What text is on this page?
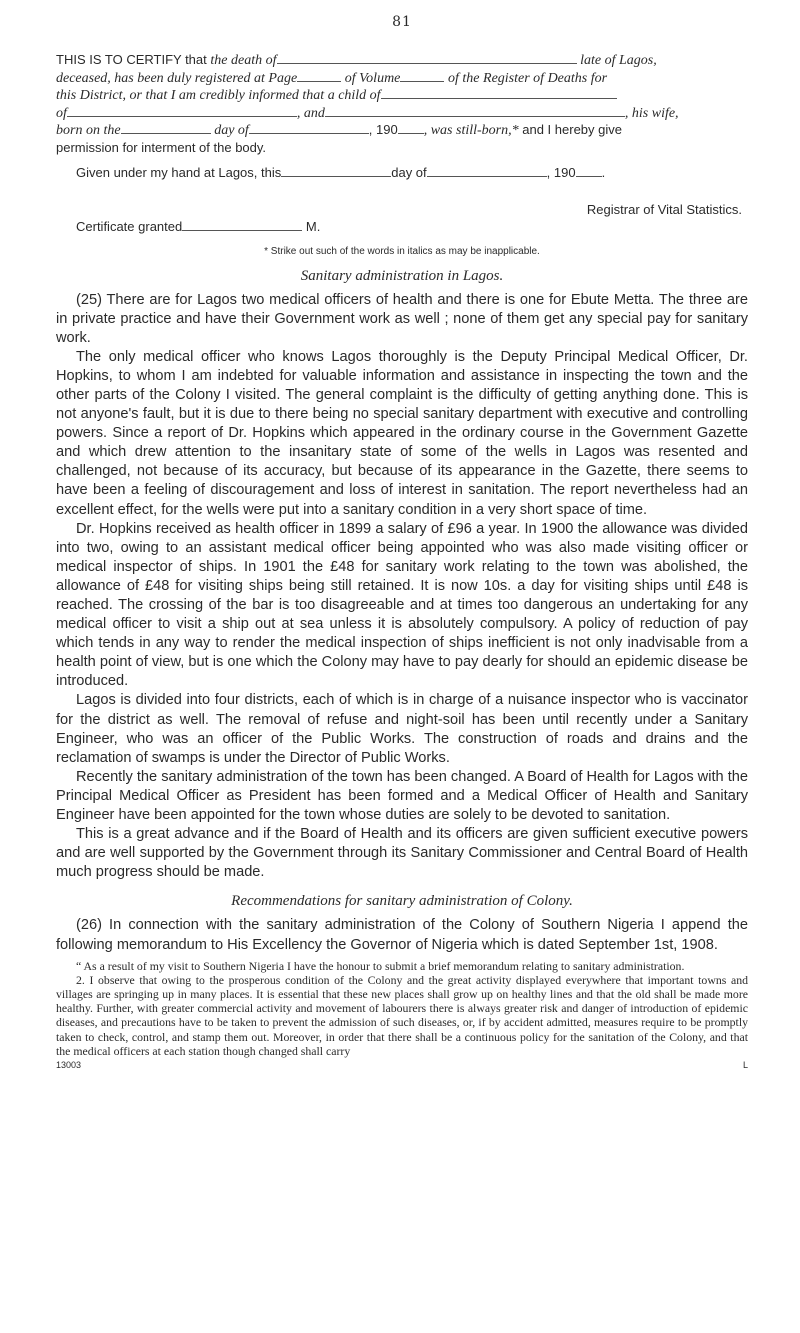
81
THIS IS TO CERTIFY that the death of	late of Lagos,
deceased, has been duly registered at Page	of Volume	of the Register of Deaths for
this District, or that I am credibly informed that a child of
of	, and	, his wife,
born on the	day of	, 190 , was still-born,* and I hereby give
permission for interment of the body.
Given under my hand at Lagos, this	day of	, 190 .
Registrar of Vital Statistics.
Certificate granted	M.
* Strike out such of the words in italics as may be inapplicable.
Sanitary administration in Lagos.

(25) There are for Lagos two medical officers of health and there is one for Ebute Metta. The three are in private practice and have their Government work as well ; none of them get any special pay for sanitary work.

The only medical officer who knows Lagos thoroughly is the Deputy Principal Medical Officer, Dr. Hopkins, to whom I am indebted for valuable information and assistance in inspecting the town and the other parts of the Colony I visited. The general complaint is the difficulty of getting anything done. This is not anyone's fault, but it is due to there being no special sanitary department with executive and controlling powers. Since a report of Dr. Hopkins which appeared in the ordinary course in the Government Gazette and which drew attention to the insanitary state of some of the wells in Lagos was resented and challenged, not because of its accuracy, but because of its appearance in the Gazette, there seems to have been a feeling of discouragement and loss of interest in sanitation. The report nevertheless had an excellent effect, for the wells were put into a sanitary condition in a very short space of time.

Dr. Hopkins received as health officer in 1899 a salary of £96 a year. In 1900 the allowance was divided into two, owing to an assistant medical officer being appointed who was also made visiting officer or medical inspector of ships. In 1901 the £48 for sanitary work relating to the town was abolished, the allowance of £48 for visiting ships being still retained. It is now 10s. a day for visiting ships until £48 is reached. The crossing of the bar is too disagreeable and at times too dangerous an undertaking for any medical officer to visit a ship out at sea unless it is absolutely compulsory. A policy of reduction of pay which tends in any way to render the medical inspection of ships inefficient is not only inadvisable from a health point of view, but is one which the Colony may have to pay dearly for should an epidemic disease be introduced.

Lagos is divided into four districts, each of which is in charge of a nuisance inspector who is vaccinator for the district as well. The removal of refuse and night-soil has been until recently under a Sanitary Engineer, who was an officer of the Public Works. The construction of roads and drains and the reclamation of swamps is under the Director of Public Works.

Recently the sanitary administration of the town has been changed. A Board of Health for Lagos with the Principal Medical Officer as President has been formed and a Medical Officer of Health and Sanitary Engineer have been appointed for the town whose duties are solely to be devoted to sanitation.

This is a great advance and if the Board of Health and its officers are given sufficient executive powers and are well supported by the Government through its Sanitary Commissioner and Central Board of Health much progress should be made.

Recommendations for sanitary administration of Colony.

(26) In connection with the sanitary administration of the Colony of Southern Nigeria I append the following memorandum to His Excellency the Governor of Nigeria which is dated September 1st, 1908.

“ As a result of my visit to Southern Nigeria I have the honour to submit a brief memorandum relating to sanitary administration.

2. I observe that owing to the prosperous condition of the Colony and the great activity displayed everywhere that important towns and villages are springing up in many places. It is essential that these new places shall grow up on healthy lines and that the old shall be made more healthy. Further, with greater commercial activity and movement of labourers there is always greater risk and danger of introduction of epidemic diseases, and precautions have to be taken to prevent the admission of such diseases, or, if by accident admitted, measures require to be promptly taken to check, control, and stamp them out. Moreover, in order that there shall be a continuous policy for the sanitation of the Colony, and that the medical officers at each station though changed shall carry

13003	L
